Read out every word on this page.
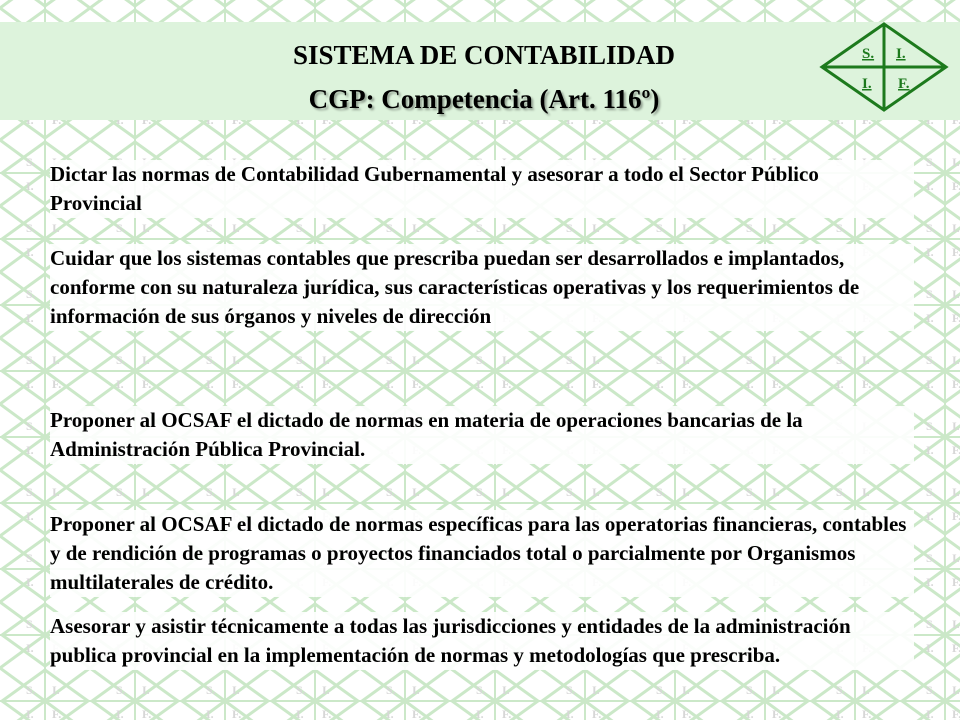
SISTEMA DE CONTABILIDAD
CGP: Competencia (Art. 116º)
S. I.
I. F.

Dictar las normas de Contabilidad Gubernamental y asesorar a todo el Sector Público Provincial

Cuidar que los sistemas contables que prescriba puedan ser desarrollados e implantados, conforme con su naturaleza jurídica, sus características operativas y los requerimientos de información de sus órganos y niveles de dirección

Proponer al OCSAF el dictado de normas en materia de operaciones bancarias de la Administración Pública Provincial.

Proponer al OCSAF el dictado de normas específicas para las operatorias financieras, contables y de rendición de programas o proyectos financiados total o parcialmente por Organismos multilaterales de crédito.

Asesorar y asistir técnicamente a todas las jurisdicciones y entidades de la administración publica provincial en la implementación de normas y metodologías que prescriba.
